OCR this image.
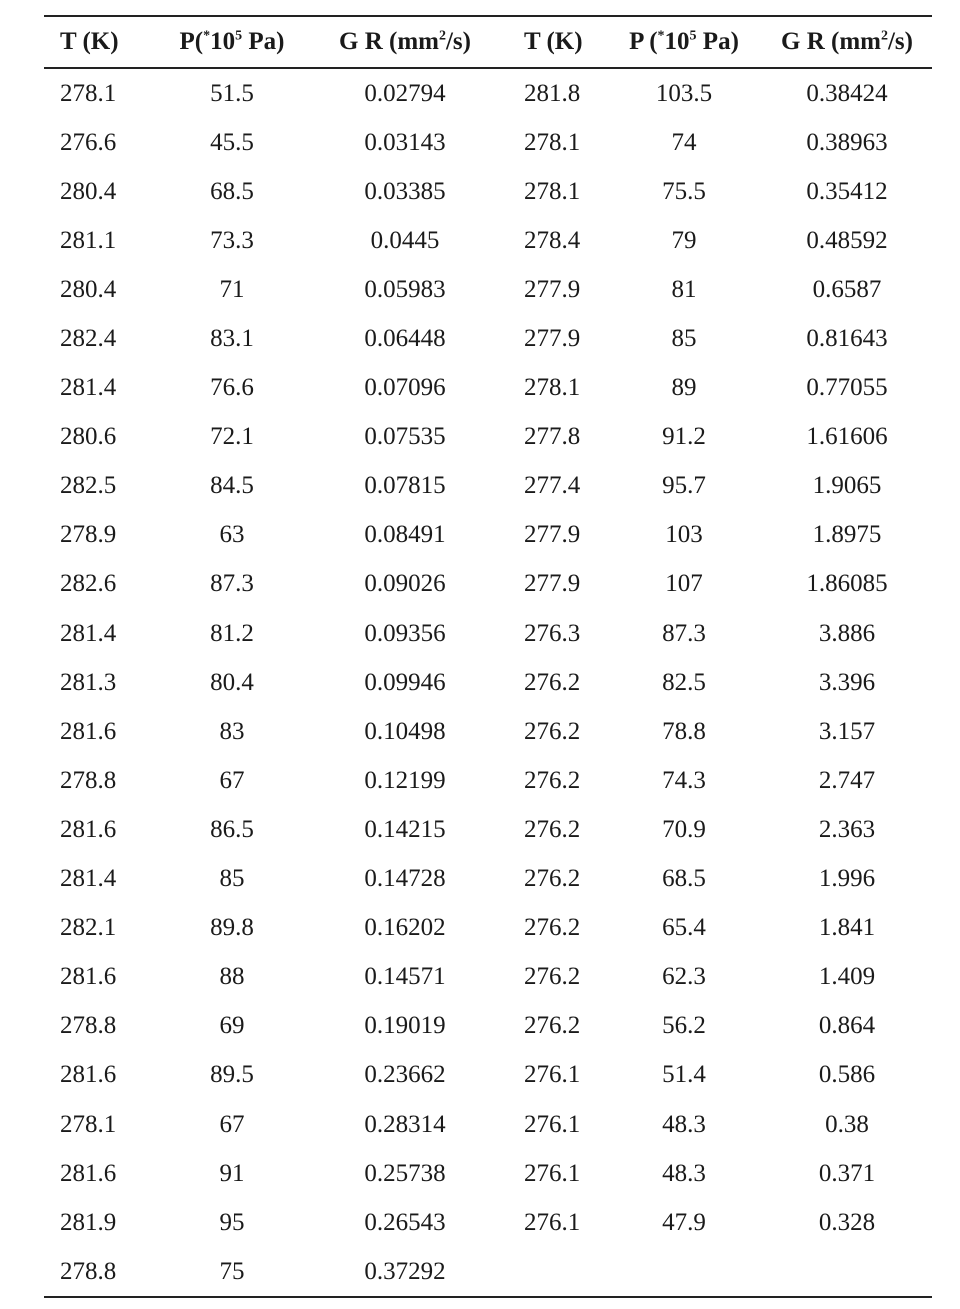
T (K)	$P(^*10^5$ Pa)	G R $(mm^2/s)$	T (K)	P ($^*10^5$ Pa)	G R $(mm^2/s)$
278.1	51.5	0.02794	281.8	103.5	0.38424
276.6	45.5	0.03143	278.1	74	0.38963
280.4	68.5	0.03385	278.1	75.5	0.35412
281.1	73.3	0.0445	278.4	79	0.48592
280.4	71	0.05983	277.9	81	0.6587
282.4	83.1	0.06448	277.9	85	0.81643
281.4	76.6	0.07096	278.1	89	0.77055
280.6	72.1	0.07535	277.8	91.2	1.61606
282.5	84.5	0.07815	277.4	95.7	1.9065
278.9	63	0.08491	277.9	103	1.8975
282.6	87.3	0.09026	277.9	107	1.86085
281.4	81.2	0.09356	276.3	87.3	3.886
281.3	80.4	0.09946	276.2	82.5	3.396
281.6	83	0.10498	276.2	78.8	3.157
278.8	67	0.12199	276.2	74.3	2.747
281.6	86.5	0.14215	276.2	70.9	2.363
281.4	85	0.14728	276.2	68.5	1.996
282.1	89.8	0.16202	276.2	65.4	1.841
281.6	88	0.14571	276.2	62.3	1.409
278.8	69	0.19019	276.2	56.2	0.864
281.6	89.5	0.23662	276.1	51.4	0.586
278.1	67	0.28314	276.1	48.3	0.38
281.6	91	0.25738	276.1	48.3	0.371
281.9	95	0.26543	276.1	47.9	0.328
278.8	75	0.37292			
